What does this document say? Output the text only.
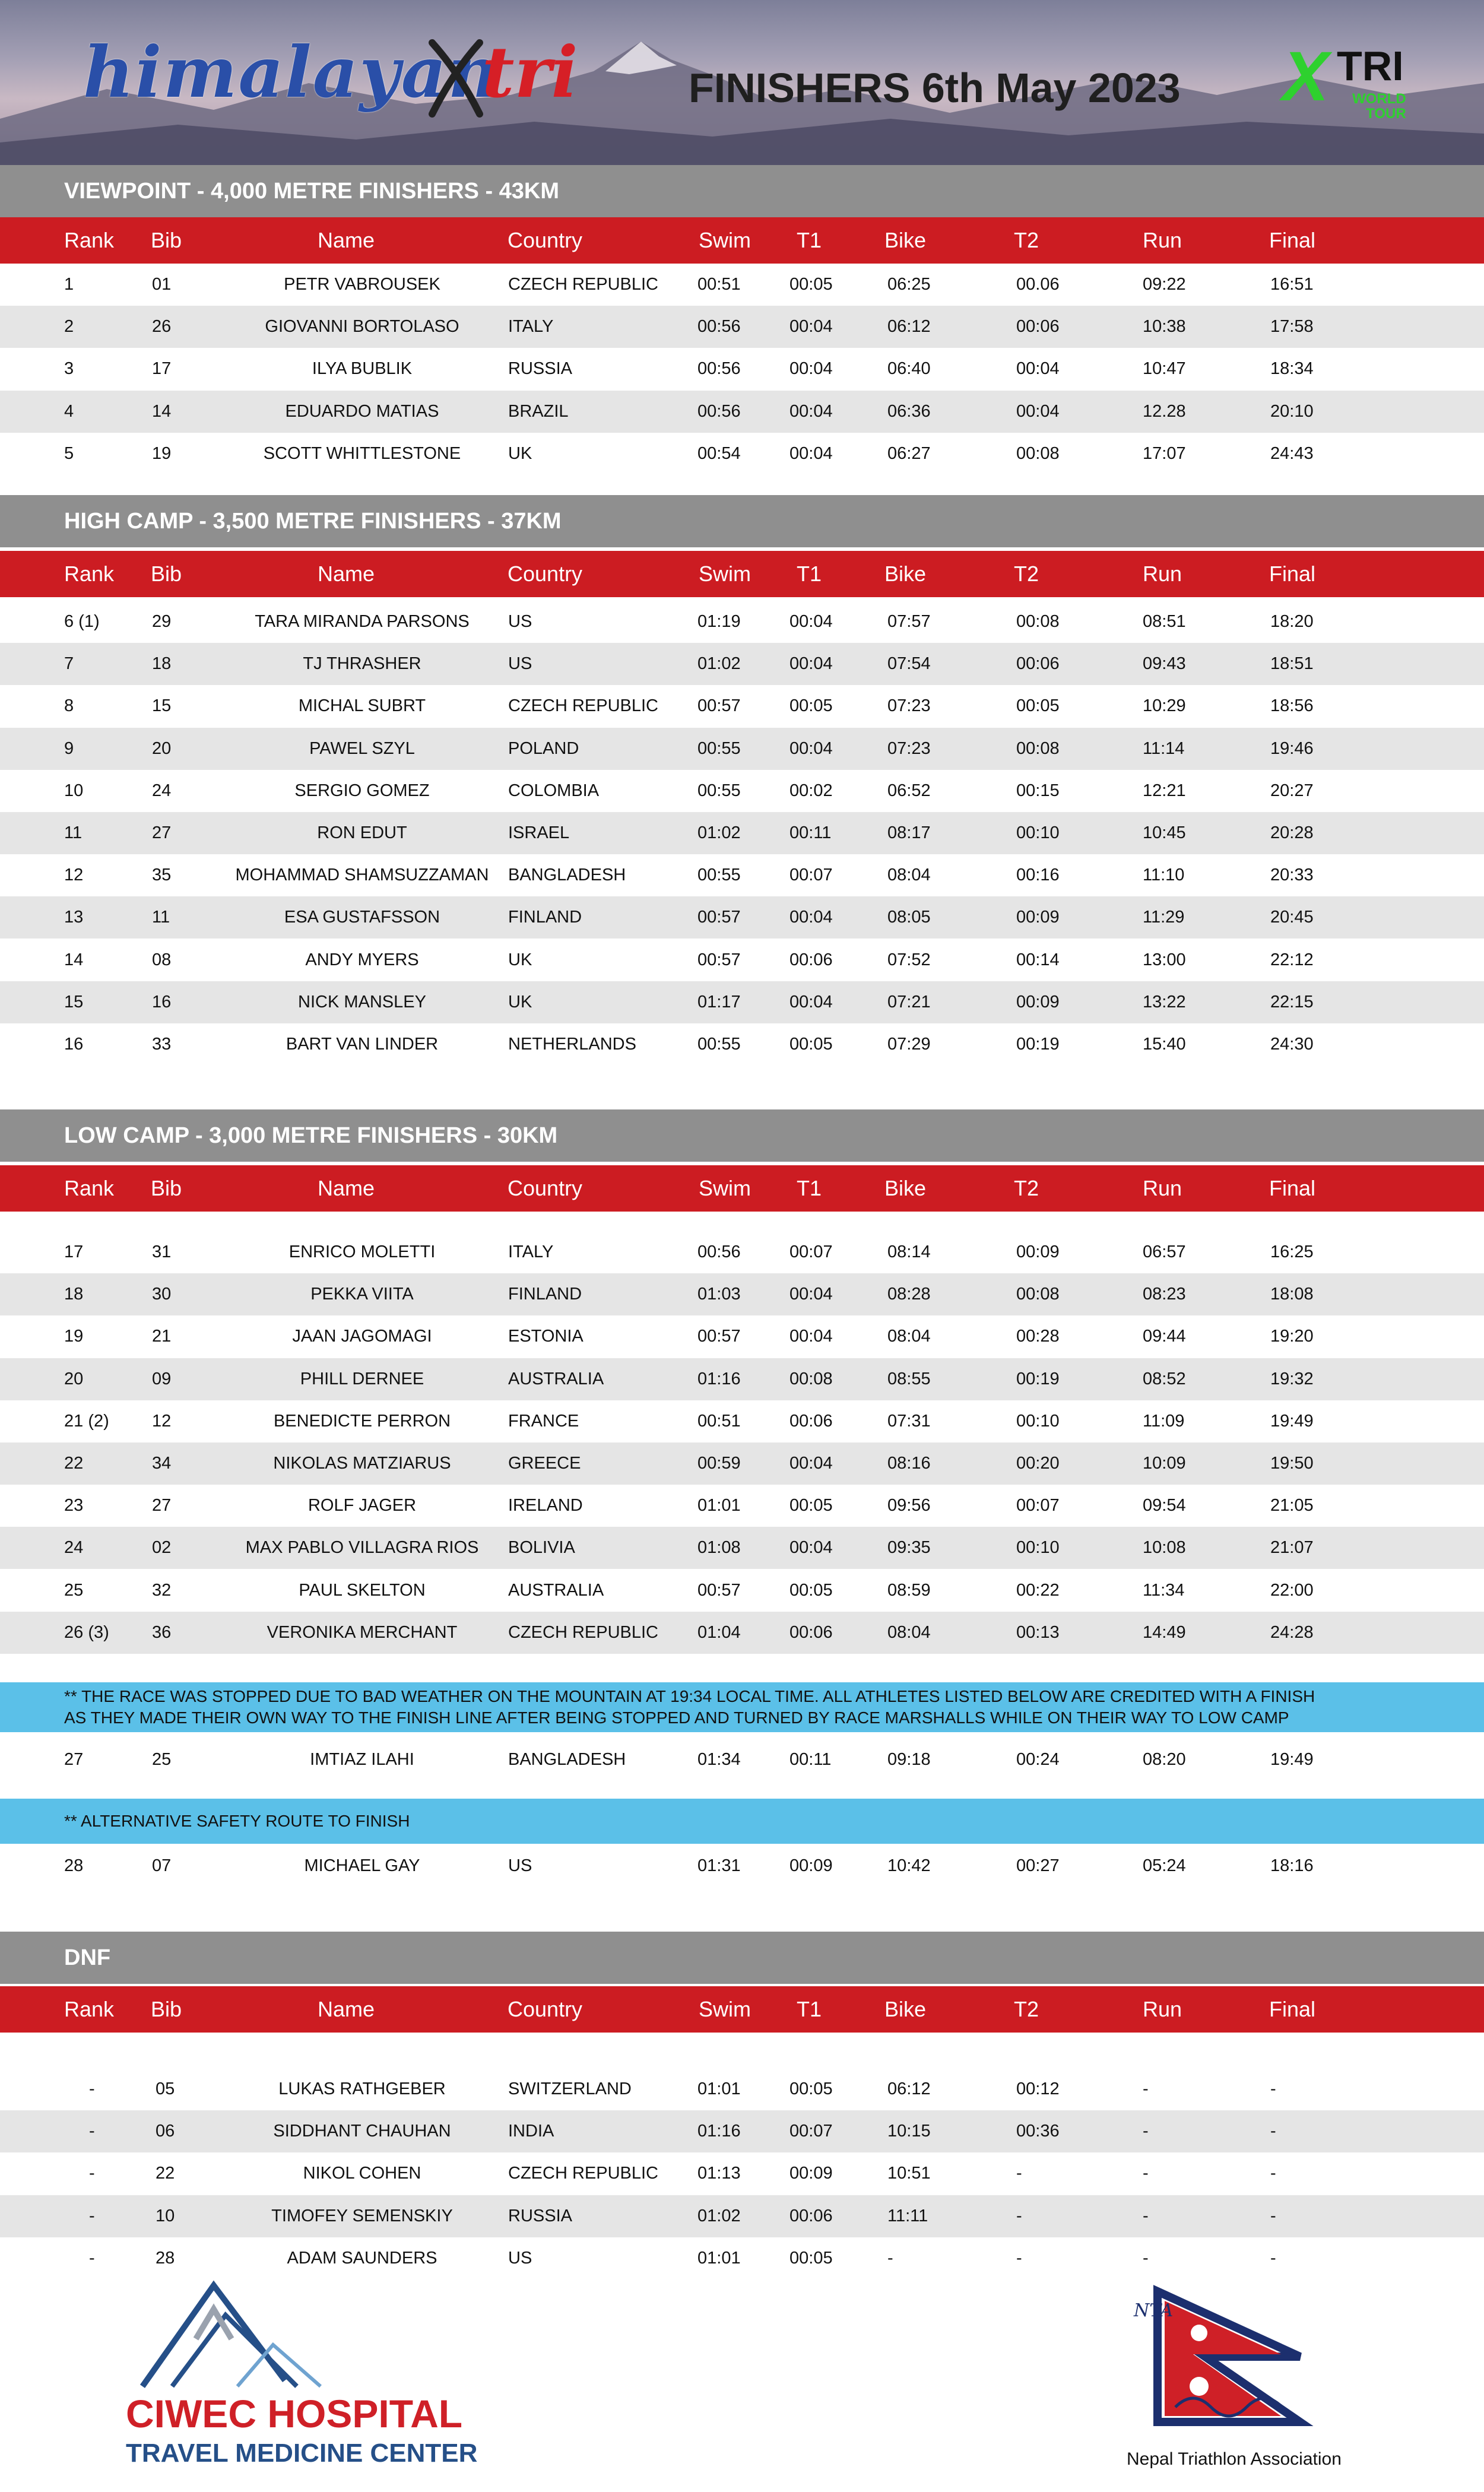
himalayan
tri	FINISHERS 6th May 2023 X TRI
WORLD
TOUR
VIEWPOINT - 4,000 METRE FINISHERS - 43KM
Rank Bib	Name	Country	Swim T1	Bike	T2	Run	Final
1	01	PETR VABROUSEK	CZECH REPUBLIC 00:51	00:05	06:25	00.06	09:22	16:51
2	26	GIOVANNI BORTOLASO	ITALY	00:56	00:04	06:12	00:06	10:38	17:58
3	17	ILYA BUBLIK	RUSSIA	00:56	00:04	06:40	00:04	10:47	18:34
4	14	EDUARDO MATIAS	BRAZIL	00:56	00:04	06:36	00:04	12.28	20:10
5	19	SCOTT WHITTLESTONE	UK	00:54	00:04	06:27	00:08	17:07	24:43
HIGH CAMP - 3,500 METRE FINISHERS - 37KM
Rank Bib	Name	Country	Swim T1	Bike	T2	Run	Final
6 (1)	29	TARA MIRANDA PARSONS	US	01:19	00:04	07:57	00:08	08:51	18:20
7	18	TJ THRASHER	US	01:02	00:04	07:54	00:06	09:43	18:51
8	15	MICHAL SUBRT	CZECH REPUBLIC 00:57	00:05	07:23	00:05	10:29	18:56
9	20	PAWEL SZYL	POLAND	00:55	00:04	07:23	00:08	11:14	19:46
10	24	SERGIO GOMEZ	COLOMBIA	00:55	00:02	06:52	00:15	12:21	20:27
11	27	RON EDUT	ISRAEL	01:02	00:11	08:17	00:10	10:45	20:28
12	35	MOHAMMAD SHAMSUZZAMAN	BANGLADESH	00:55	00:07	08:04	00:16	11:10	20:33
13	11	ESA GUSTAFSSON	FINLAND	00:57	00:04	08:05	00:09	11:29	20:45
14	08	ANDY MYERS	UK	00:57	00:06	07:52	00:14	13:00	22:12
15	16	NICK MANSLEY	UK	01:17	00:04	07:21	00:09	13:22	22:15
16	33	BART VAN LINDER	NETHERLANDS	00:55	00:05	07:29	00:19	15:40	24:30
LOW CAMP - 3,000 METRE FINISHERS - 30KM
Rank Bib	Name	Country	Swim T1	Bike	T2	Run	Final
17	31	ENRICO MOLETTI	ITALY	00:56	00:07	08:14	00:09	06:57	16:25
18	30	PEKKA VIITA	FINLAND	01:03	00:04	08:28	00:08	08:23	18:08
19	21	JAAN JAGOMAGI	ESTONIA	00:57	00:04	08:04	00:28	09:44	19:20
20	09	PHILL DERNEE	AUSTRALIA	01:16	00:08	08:55	00:19	08:52	19:32
21 (2) 12	BENEDICTE PERRON	FRANCE	00:51	00:06	07:31	00:10	11:09	19:49
22	34	NIKOLAS MATZIARUS	GREECE	00:59	00:04	08:16	00:20	10:09	19:50
23	27	ROLF JAGER	IRELAND	01:01	00:05	09:56	00:07	09:54	21:05
24	02	MAX PABLO VILLAGRA RIOS	BOLIVIA	01:08	00:04	09:35	00:10	10:08	21:07
25	32	PAUL SKELTON	AUSTRALIA	00:57	00:05	08:59	00:22	11:34	22:00
26 (3) 36	VERONIKA MERCHANT	CZECH REPUBLIC 01:04	00:06	08:04	00:13	14:49	24:28
** THE RACE WAS STOPPED DUE TO BAD WEATHER ON THE MOUNTAIN AT 19:34 LOCAL TIME. ALL ATHLETES LISTED BELOW ARE CREDITED WITH A FINISH
AS THEY MADE THEIR OWN WAY TO THE FINISH LINE AFTER BEING STOPPED AND TURNED BY RACE MARSHALLS WHILE ON THEIR WAY TO LOW CAMP
27	25	IMTIAZ ILAHI	BANGLADESH	01:34	00:11	09:18	00:24	08:20	19:49
** ALTERNATIVE SAFETY ROUTE TO FINISH
28	07	MICHAEL GAY	US	01:31	00:09	10:42	00:27	05:24	18:16
DNF
Rank Bib	Name	Country	Swim T1	Bike	T2	Run	Final
-	05	LUKAS RATHGEBER	SWITZERLAND	01:01	00:05	06:12	00:12	-	-
-	06	SIDDHANT CHAUHAN	INDIA	01:16	00:07	10:15	00:36	-	-
-	22	NIKOL COHEN	CZECH REPUBLIC 01:13	00:09	10:51	-	-	-
-	10	TIMOFEY SEMENSKIY	RUSSIA	01:02	00:06	11:11	-	-	-
-	28	ADAM SAUNDERS	US	01:01	00:05	-	-	-	-
CIWEC HOSPITAL
TRAVEL MEDICINE CENTER
NTA
Nepal Triathlon Association
